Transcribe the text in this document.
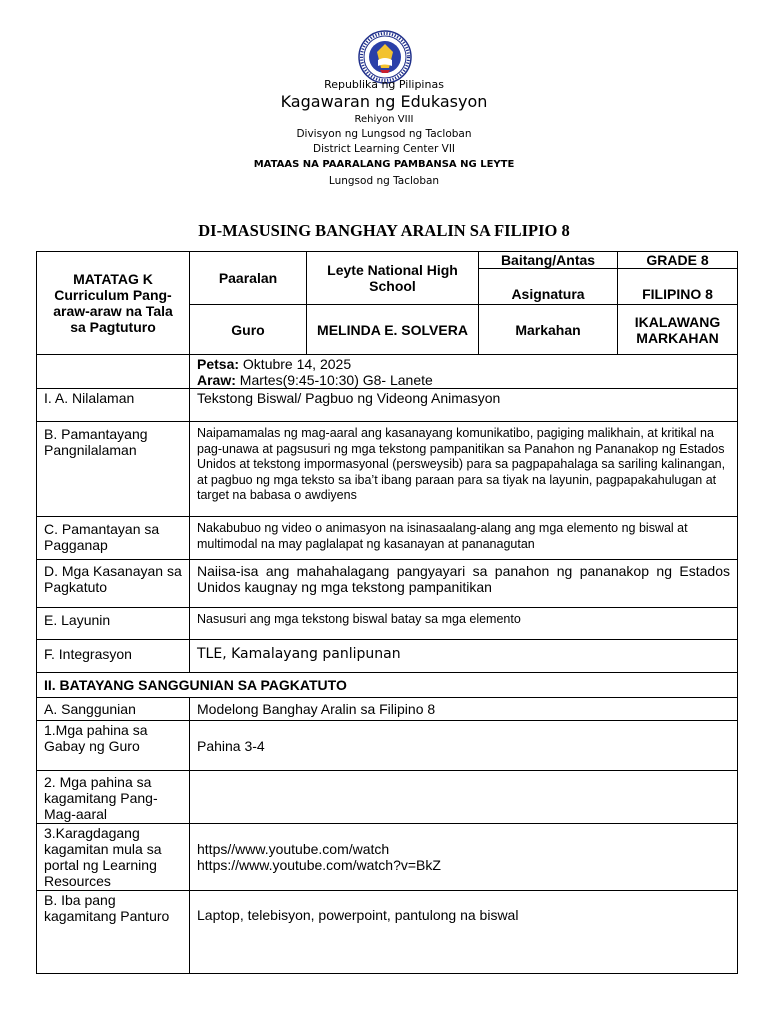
Republika ng Pilipinas
Kagawaran ng Edukasyon
Rehiyon VIII
Divisyon ng Lungsod ng Tacloban
District Learning Center VII
MATAAS NA PAARALANG PAMBANSA NG LEYTE
Lungsod ng Tacloban
DI-MASUSING BANGHAY ARALIN SA FILIPIO 8
MATATAG K Curriculum Pang-araw-araw na Tala sa Pagtuturo	Paaralan	Leyte National High School	Baitang/Antas	GRADE 8
			Asignatura	FILIPINO 8
	Guro	MELINDA E. SOLVERA	Markahan	IKALAWANG MARKAHAN

	Petsa: Oktubre 14, 2025
Araw: Martes(9:45-10:30) G8- Lanete			

I. A. Nilalaman	Tekstong Biswal/ Pagbuo ng Videong Animasyon			
B. Pamantayang Pangnilalaman	Naipamamalas ng mag-aaral ang kasanayang komunikatibo, pagiging malikhain, at kritikal na pag-unawa at pagsusuri ng mga tekstong pampanitikan sa Panahon ng Pananakop ng Estados Unidos at tekstong impormasyonal (persweysib) para sa pagpapahalaga sa sariling kalinangan, at pagbuo ng mga teksto sa iba’t ibang paraan para sa tiyak na layunin, pagpapakahulugan at target na babasa o awdiyens			
C. Pamantayan sa Pagganap	Nakabubuo ng video o animasyon na isinasaalang-alang ang mga elemento ng biswal at multimodal na may paglalapat ng kasanayan at pananagutan			
D. Mga Kasanayan sa Pagkatuto	Naiisa-isa ang mahahalagang pangyayari sa panahon ng pananakop ng Estados Unidos kaugnay ng mga tekstong pampanitikan			
E. Layunin	Nasusuri ang mga tekstong biswal batay sa mga elemento			
F. Integrasyon	TLE, Kamalayang panlipunan			
II. BATAYANG SANGGUNIAN SA PAGKATUTO				
A. Sanggunian	Modelong Banghay Aralin sa Filipino 8			
1.Mga pahina sa Gabay ng Guro	Pahina 3-4			
2. Mga pahina sa kagamitang Pang-Mag-aaral				
3.Karagdagang kagamitan mula sa portal ng Learning Resources	https//www.youtube.com/watch
https://www.youtube.com/watch?v=BkZ			

B. Iba pang kagamitang Panturo	Laptop, telebisyon, powerpoint, pantulong na biswal			
